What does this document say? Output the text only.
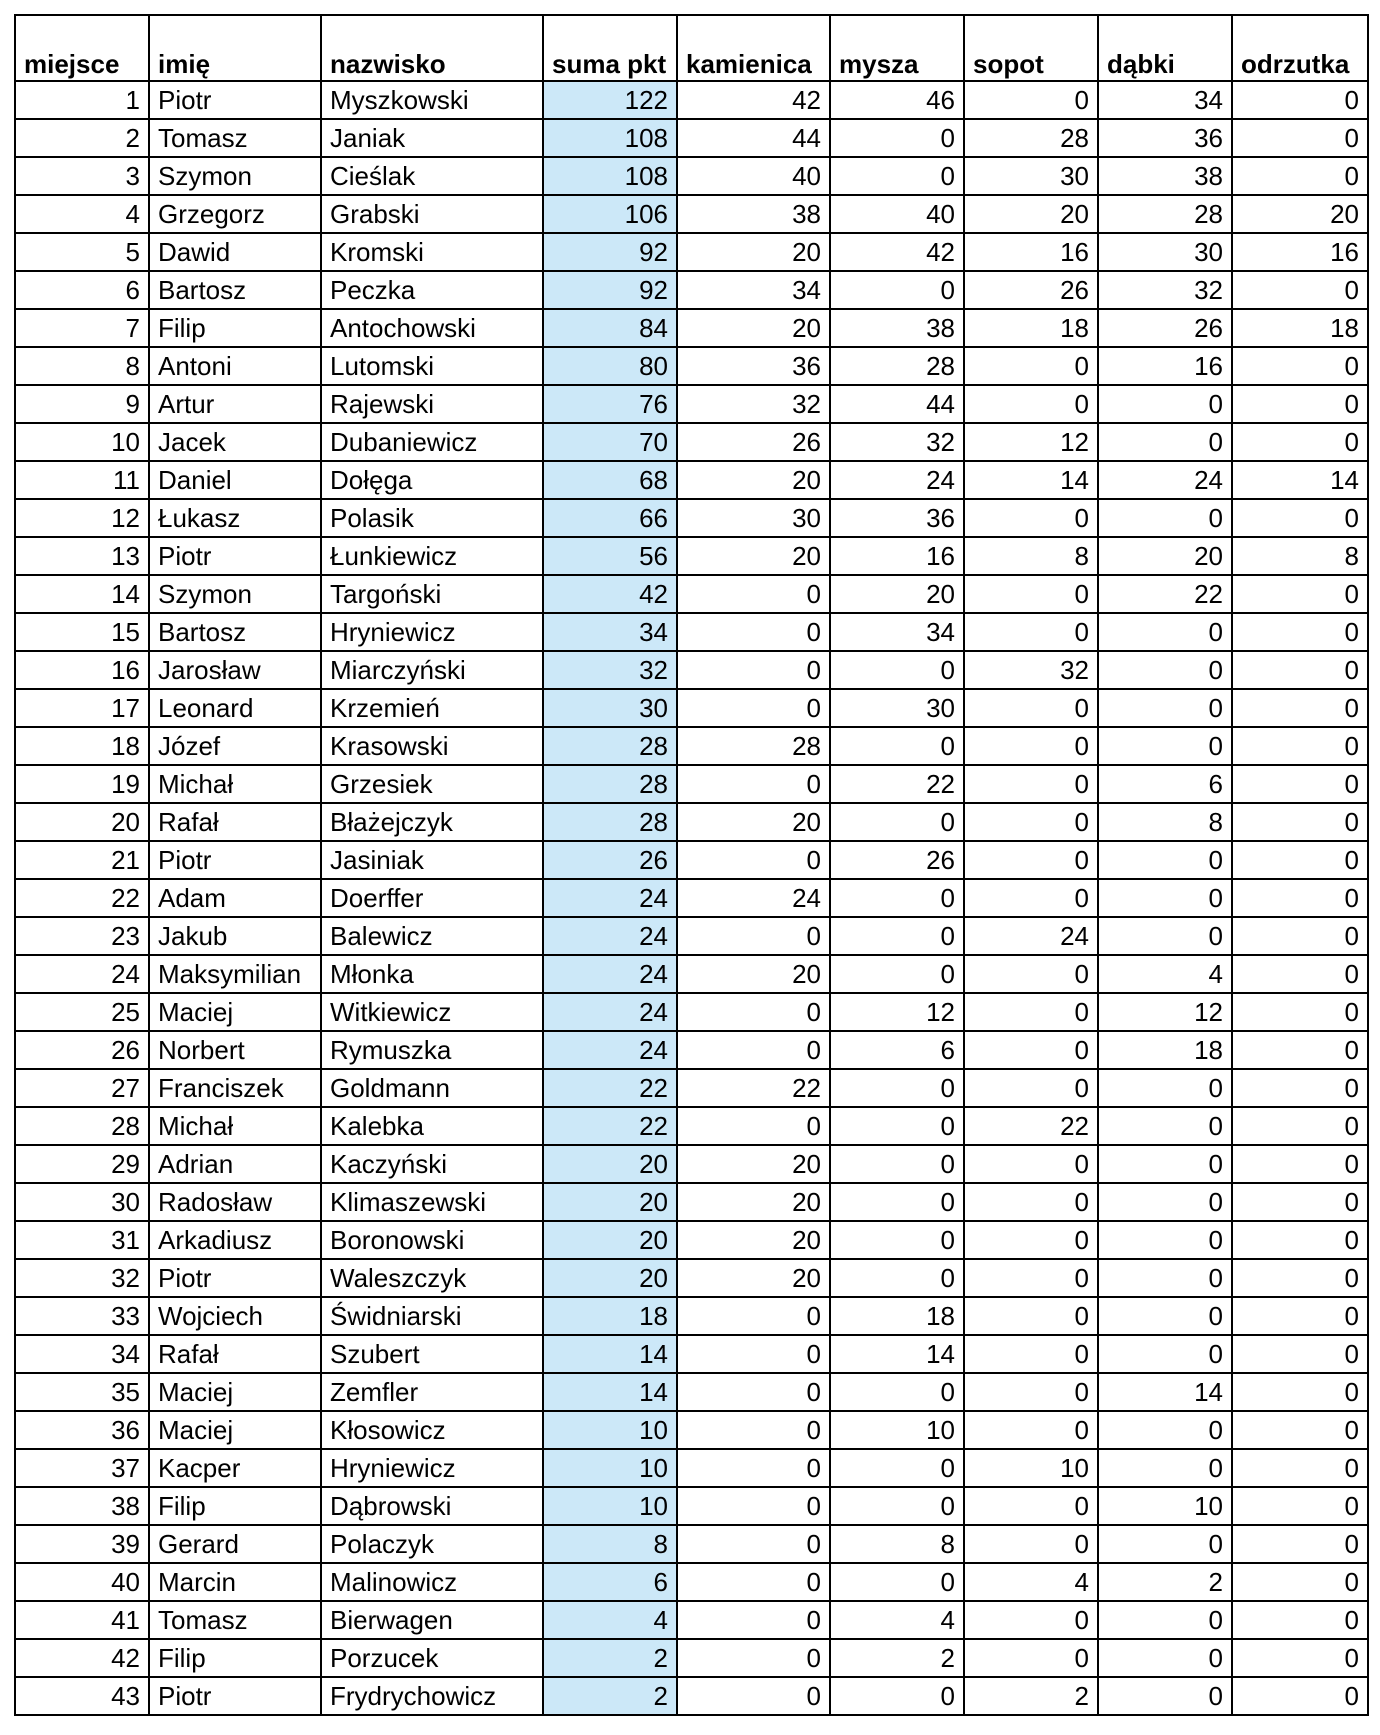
miejsce	imię	nazwisko	suma pkt	kamienica	mysza	sopot	dąbki	odrzutka
1	Piotr	Myszkowski	122	42	46	0	34	0
2	Tomasz	Janiak	108	44	0	28	36	0
3	Szymon	Cieślak	108	40	0	30	38	0
4	Grzegorz	Grabski	106	38	40	20	28	20
5	Dawid	Kromski	92	20	42	16	30	16
6	Bartosz	Peczka	92	34	0	26	32	0
7	Filip	Antochowski	84	20	38	18	26	18
8	Antoni	Lutomski	80	36	28	0	16	0
9	Artur	Rajewski	76	32	44	0	0	0
10	Jacek	Dubaniewicz	70	26	32	12	0	0
11	Daniel	Dołęga	68	20	24	14	24	14
12	Łukasz	Polasik	66	30	36	0	0	0
13	Piotr	Łunkiewicz	56	20	16	8	20	8
14	Szymon	Targoński	42	0	20	0	22	0
15	Bartosz	Hryniewicz	34	0	34	0	0	0
16	Jarosław	Miarczyński	32	0	0	32	0	0
17	Leonard	Krzemień	30	0	30	0	0	0
18	Józef	Krasowski	28	28	0	0	0	0
19	Michał	Grzesiek	28	0	22	0	6	0
20	Rafał	Błażejczyk	28	20	0	0	8	0
21	Piotr	Jasiniak	26	0	26	0	0	0
22	Adam	Doerffer	24	24	0	0	0	0
23	Jakub	Balewicz	24	0	0	24	0	0
24	Maksymilian	Młonka	24	20	0	0	4	0
25	Maciej	Witkiewicz	24	0	12	0	12	0
26	Norbert	Rymuszka	24	0	6	0	18	0
27	Franciszek	Goldmann	22	22	0	0	0	0
28	Michał	Kalebka	22	0	0	22	0	0
29	Adrian	Kaczyński	20	20	0	0	0	0
30	Radosław	Klimaszewski	20	20	0	0	0	0
31	Arkadiusz	Boronowski	20	20	0	0	0	0
32	Piotr	Waleszczyk	20	20	0	0	0	0
33	Wojciech	Świdniarski	18	0	18	0	0	0
34	Rafał	Szubert	14	0	14	0	0	0
35	Maciej	Zemfler	14	0	0	0	14	0
36	Maciej	Kłosowicz	10	0	10	0	0	0
37	Kacper	Hryniewicz	10	0	0	10	0	0
38	Filip	Dąbrowski	10	0	0	0	10	0
39	Gerard	Polaczyk	8	0	8	0	0	0
40	Marcin	Malinowicz	6	0	0	4	2	0
41	Tomasz	Bierwagen	4	0	4	0	0	0
42	Filip	Porzucek	2	0	2	0	0	0
43	Piotr	Frydrychowicz	2	0	0	2	0	0
